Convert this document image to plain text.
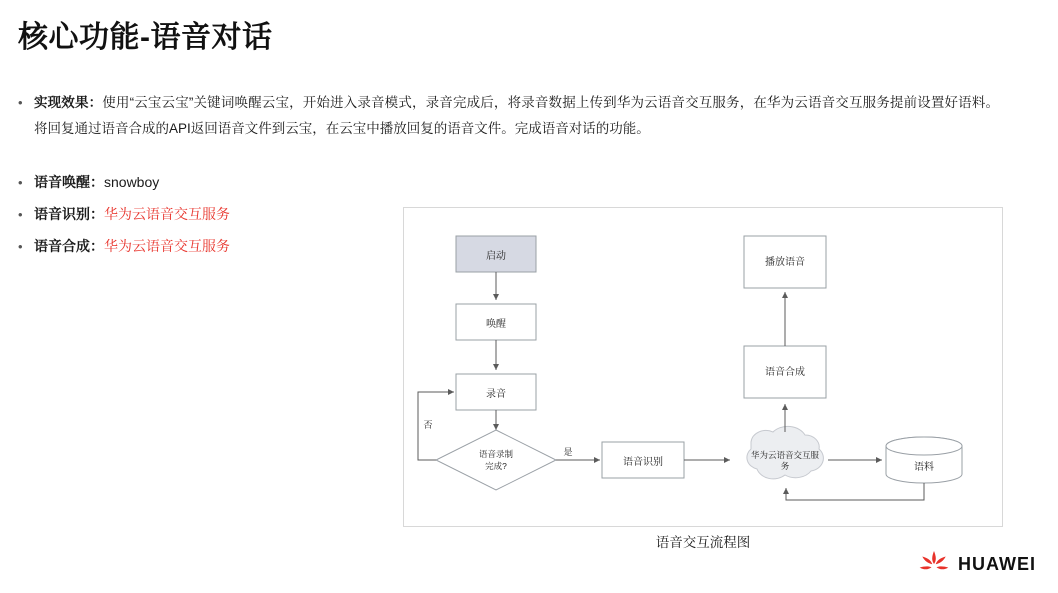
核心功能-语音对话
• 实现效果：使用“云宝云宝”关键词唤醒云宝，开始进入录音模式，录音完成后，将录音数据上传到华为云语音交互服务，在华为云语音交互服务提前设置好语料。将回复通过语音合成的API返回语音文件到云宝，在云宝中播放回复的语音文件。完成语音对话的功能。
• 语音唤醒：snowboy
• 语音识别：华为云语音交互服务
• 语音合成：华为云语音交互服务
启动
唤醒
录音
语音录制
完成?
否
是
语音识别
华为云语音交互服
务	语料
语音合成
播放语音
语音交互流程图
HUAWEI
